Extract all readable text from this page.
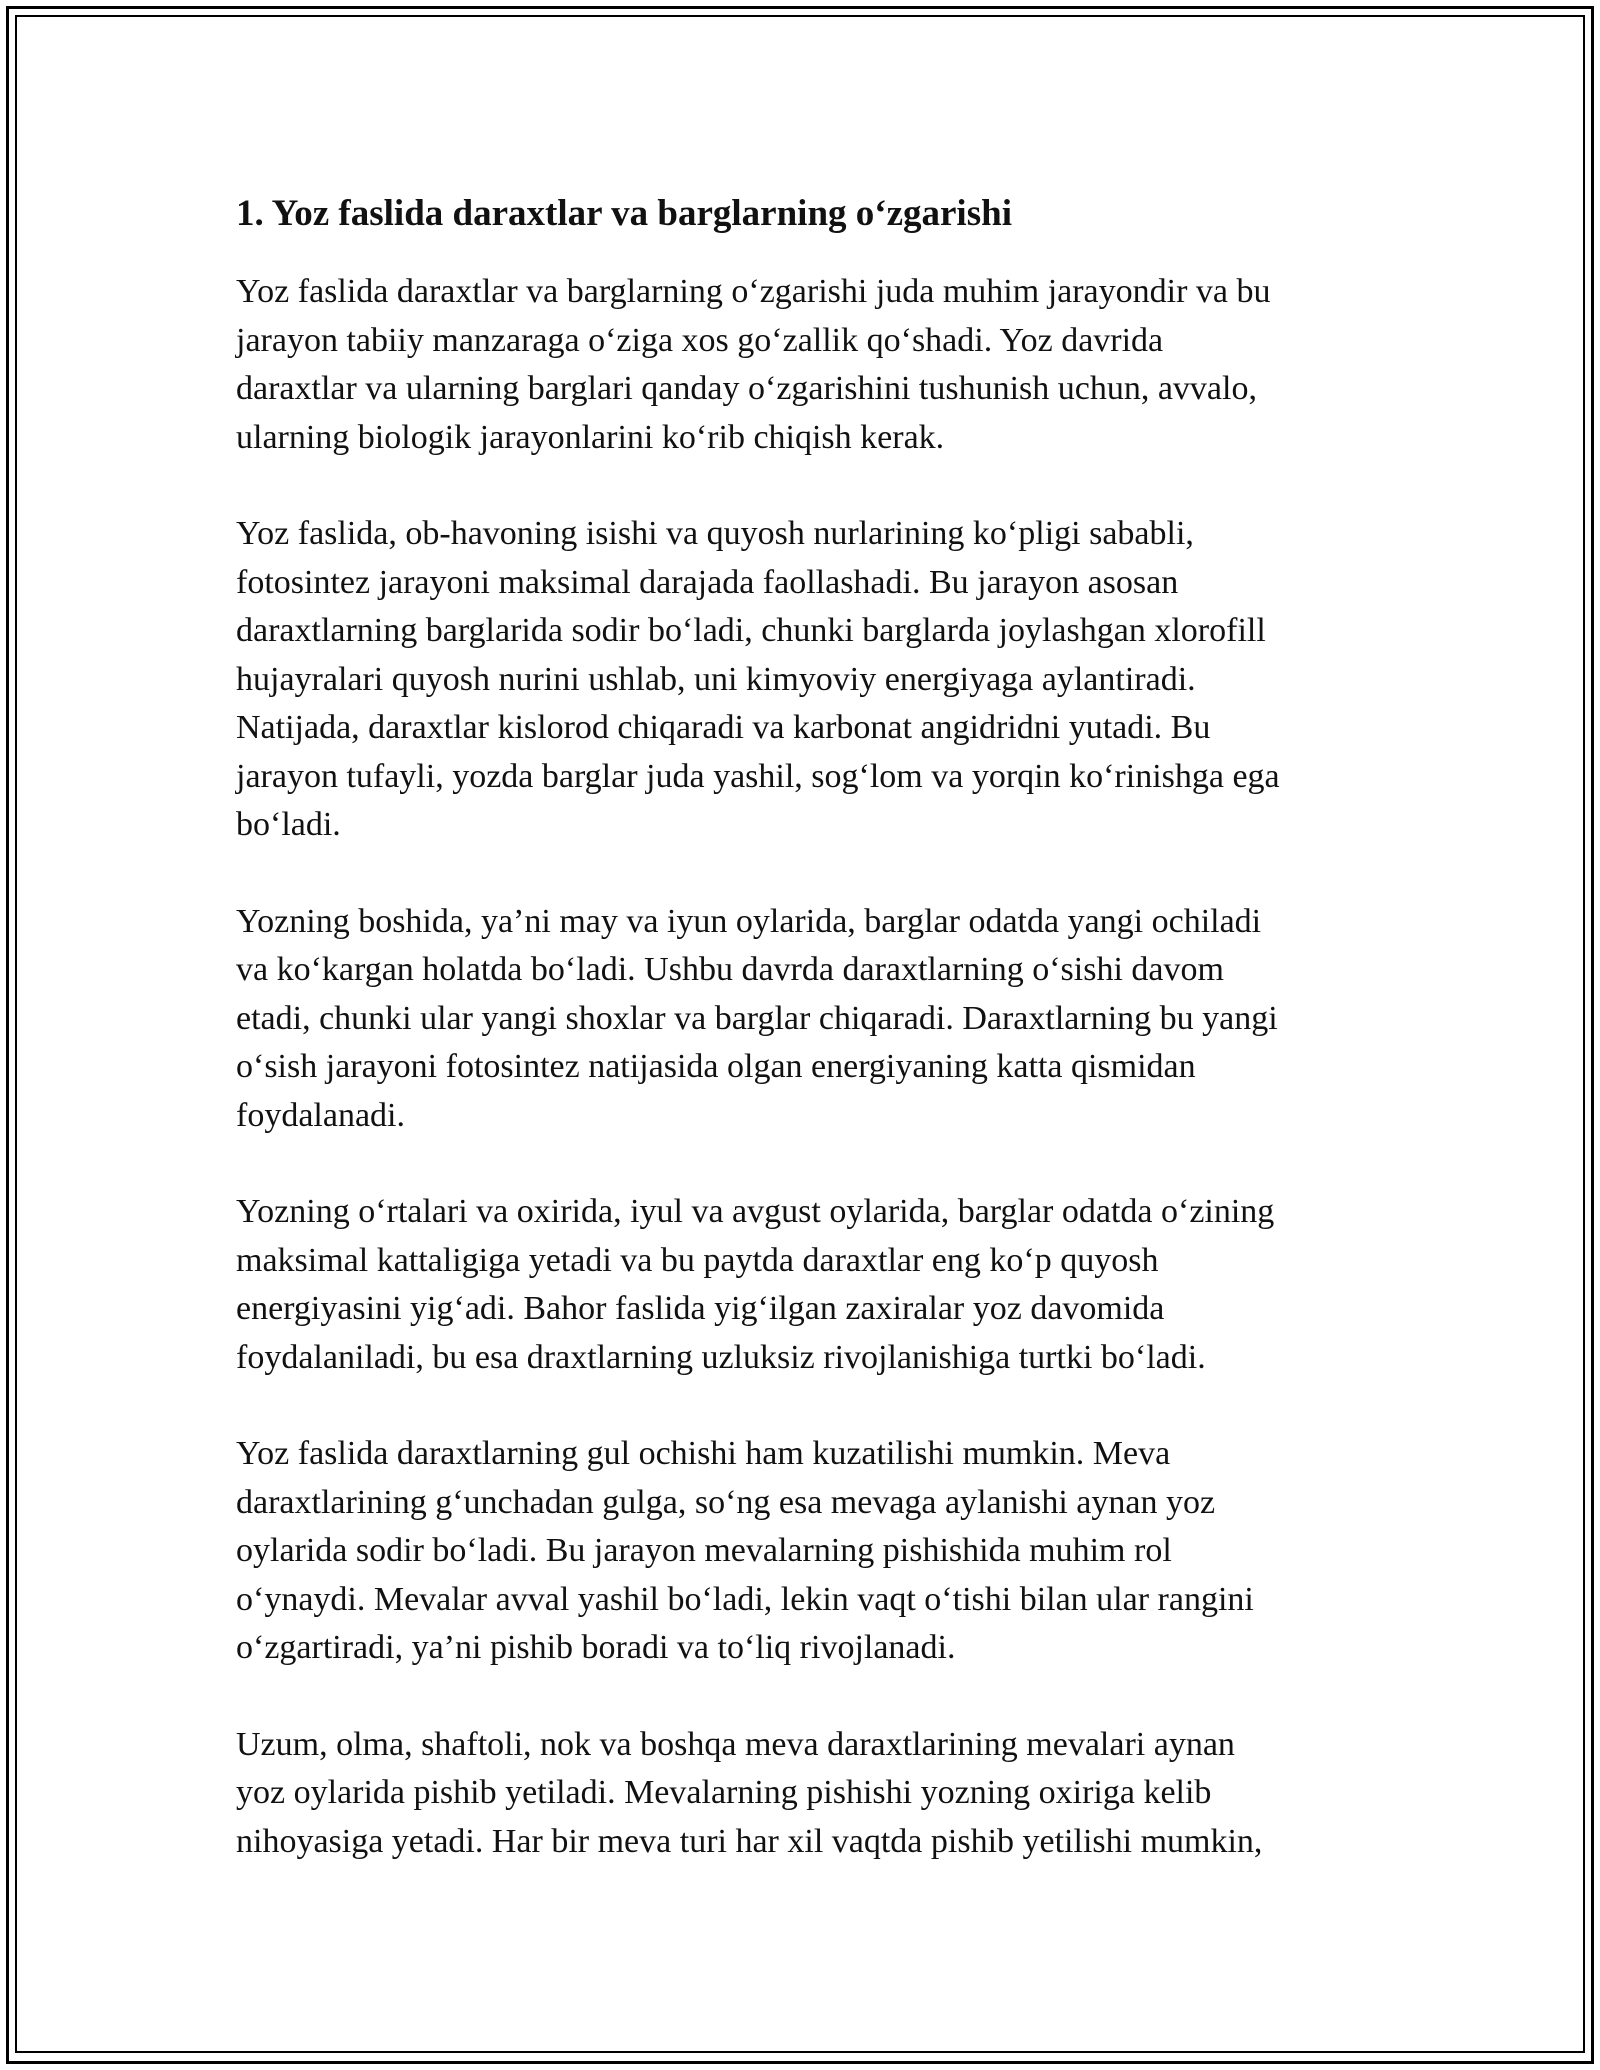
1. Yoz faslida daraxtlar va barglarning o‘zgarishi

Yoz faslida daraxtlar va barglarning o‘zgarishi juda muhim jarayondir va bu
jarayon tabiiy manzaraga o‘ziga xos go‘zallik qo‘shadi. Yoz davrida
daraxtlar va ularning barglari qanday o‘zgarishini tushunish uchun, avvalo,
ularning biologik jarayonlarini ko‘rib chiqish kerak.

Yoz faslida, ob-havoning isishi va quyosh nurlarining ko‘pligi sababli,
fotosintez jarayoni maksimal darajada faollashadi. Bu jarayon asosan
daraxtlarning barglarida sodir bo‘ladi, chunki barglarda joylashgan xlorofill
hujayralari quyosh nurini ushlab, uni kimyoviy energiyaga aylantiradi.
Natijada, daraxtlar kislorod chiqaradi va karbonat angidridni yutadi. Bu
jarayon tufayli, yozda barglar juda yashil, sog‘lom va yorqin ko‘rinishga ega
bo‘ladi.

Yozning boshida, ya’ni may va iyun oylarida, barglar odatda yangi ochiladi
va ko‘kargan holatda bo‘ladi. Ushbu davrda daraxtlarning o‘sishi davom
etadi, chunki ular yangi shoxlar va barglar chiqaradi. Daraxtlarning bu yangi
o‘sish jarayoni fotosintez natijasida olgan energiyaning katta qismidan
foydalanadi.

Yozning o‘rtalari va oxirida, iyul va avgust oylarida, barglar odatda o‘zining
maksimal kattaligiga yetadi va bu paytda daraxtlar eng ko‘p quyosh
energiyasini yig‘adi. Bahor faslida yig‘ilgan zaxiralar yoz davomida
foydalaniladi, bu esa draxtlarning uzluksiz rivojlanishiga turtki bo‘ladi.

Yoz faslida daraxtlarning gul ochishi ham kuzatilishi mumkin. Meva
daraxtlarining g‘unchadan gulga, so‘ng esa mevaga aylanishi aynan yoz
oylarida sodir bo‘ladi. Bu jarayon mevalarning pishishida muhim rol
o‘ynaydi. Mevalar avval yashil bo‘ladi, lekin vaqt o‘tishi bilan ular rangini
o‘zgartiradi, ya’ni pishib boradi va to‘liq rivojlanadi.

Uzum, olma, shaftoli, nok va boshqa meva daraxtlarining mevalari aynan
yoz oylarida pishib yetiladi. Mevalarning pishishi yozning oxiriga kelib
nihoyasiga yetadi. Har bir meva turi har xil vaqtda pishib yetilishi mumkin,
